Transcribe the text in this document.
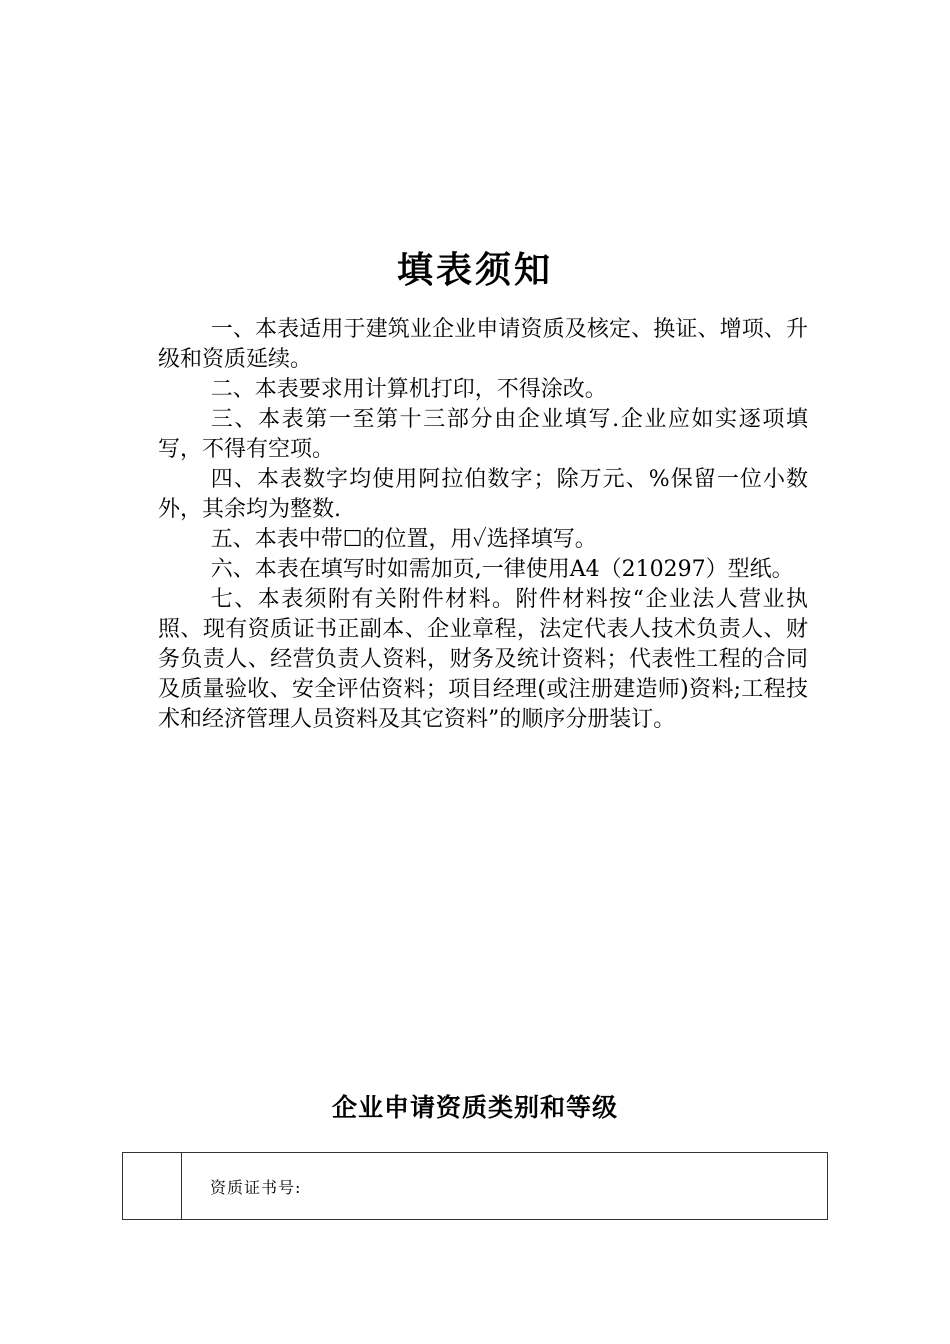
填表须知

一、本表适用于建筑业企业申请资质及核定、换证、增项、升级和资质延续。

二、本表要求用计算机打印，不得涂改。

三、本表第一至第十三部分由企业填写.企业应如实逐项填写，不得有空项。

四、本表数字均使用阿拉伯数字；除万元、%保留一位小数外，其余均为整数.

五、本表中带☐的位置，用✓选择填写。

六、本表在填写时如需加页,一律使用A4（210297）型纸。

七、本表须附有关附件材料。附件材料按“企业法人营业执照、现有资质证书正副本、企业章程，法定代表人技术负责人、财务负责人、经营负责人资料，财务及统计资料；代表性工程的合同及质量验收、安全评估资料；项目经理(或注册建造师)资料;工程技术和经济管理人员资料及其它资料”的顺序分册装订。

企业申请资质类别和等级
	资质证书号:
